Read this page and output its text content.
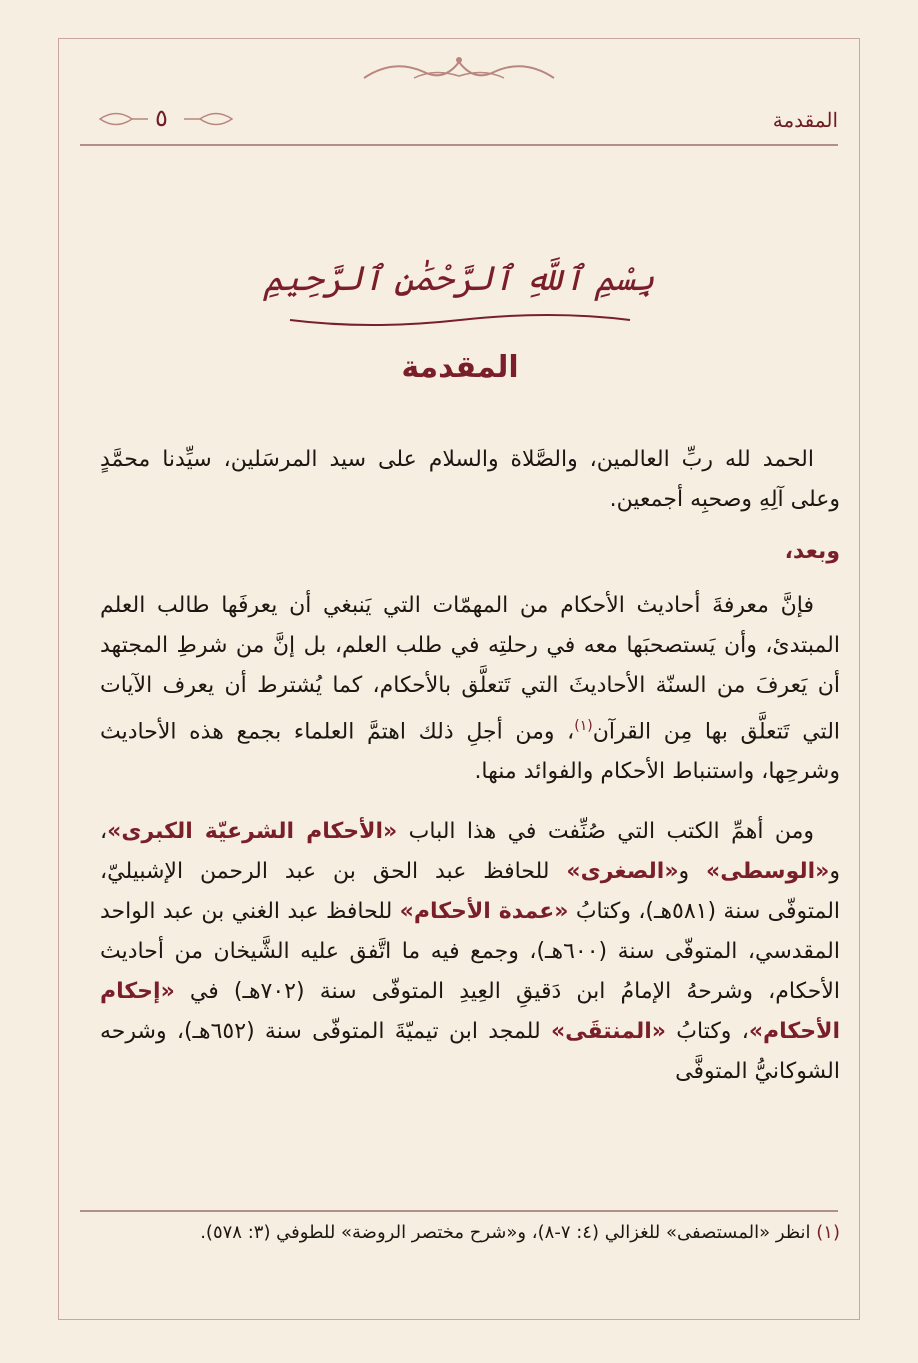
المقدمة
٥
بِسْمِ ٱللَّهِ ٱلرَّحْمَٰنِ ٱلرَّحِيمِ
المقدمة

الحمد لله ربِّ العالمين، والصَّلاة والسلام على سيد المرسَلين، سيِّدنا محمَّدٍ وعلى آلِهِ وصحبِه أجمعين.

وبعد،

فإنَّ معرفةَ أحاديث الأحكام من المهمّات التي يَنبغي أن يعرفَها طالب العلم المبتدئ، وأن يَستصحبَها معه في رحلتِه في طلب العلم، بل إنَّ من شرطِ المجتهد أن يَعرفَ من السنّة الأحاديثَ التي تَتعلَّق بالأحكام، كما يُشترط أن يعرف الآيات التي تَتعلَّق بها مِن القرآن$^{(١)}$، ومن أجلِ ذلك اهتمَّ العلماء بجمع هذه الأحاديث وشرحِها، واستنباط الأحكام والفوائد منها.

ومن أهمِّ الكتب التي صُنِّفت في هذا الباب «الأحكام الشرعيّة الكبرى»، و«الوسطى» و«الصغرى» للحافظ عبد الحق بن عبد الرحمن الإشبيليّ، المتوفّى سنة (٥٨١هـ)، وكتابُ «عمدة الأحكام» للحافظ عبد الغني بن عبد الواحد المقدسي، المتوفّى سنة (٦٠٠هـ)، وجمع فيه ما اتَّفق عليه الشَّيخان من أحاديث الأحكام، وشرحهُ الإمامُ ابن دَقيقِ العِيدِ المتوفّى سنة (٧٠٢هـ) في «إحكام الأحكام»، وكتابُ «المنتقَى» للمجد ابن تيميّةَ المتوفّى سنة (٦٥٢هـ)، وشرحه الشوكانيُّ المتوفَّى

(١) انظر «المستصفى» للغزالي (٤: ٧-٨)، و«شرح مختصر الروضة» للطوفي (٣: ٥٧٨).
